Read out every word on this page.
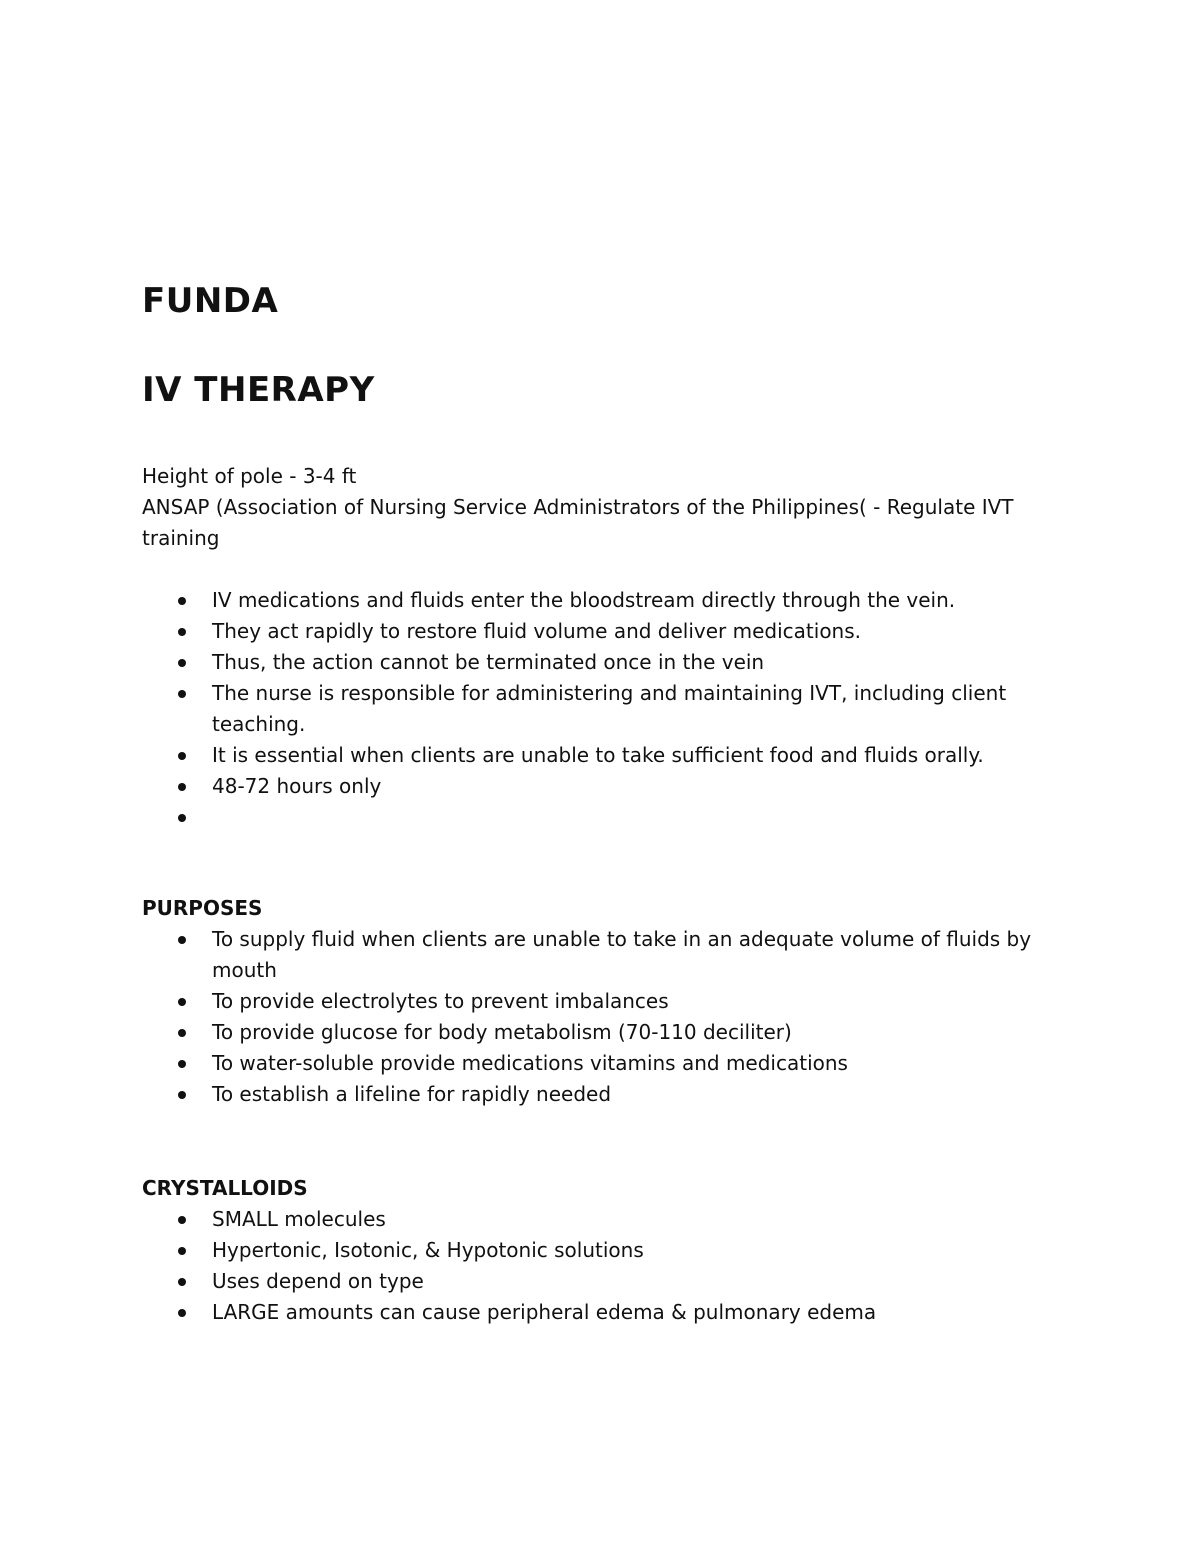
FUNDA
IV THERAPY

Height of pole - 3-4 ft

ANSAP (Association of Nursing Service Administrators of the Philippines( - Regulate IVT training

IV medications and fluids enter the bloodstream directly through the vein.
They act rapidly to restore fluid volume and deliver medications.
Thus, the action cannot be terminated once in the vein
The nurse is responsible for administering and maintaining IVT, including client teaching.
It is essential when clients are unable to take sufficient food and fluids orally.
48-72 hours only
PURPOSES
To supply fluid when clients are unable to take in an adequate volume of fluids by mouth
To provide electrolytes to prevent imbalances
To provide glucose for body metabolism (70-110 deciliter)
To water-soluble provide medications vitamins and medications
To establish a lifeline for rapidly needed
CRYSTALLOIDS
SMALL molecules
Hypertonic, Isotonic, & Hypotonic solutions
Uses depend on type
LARGE amounts can cause peripheral edema & pulmonary edema
